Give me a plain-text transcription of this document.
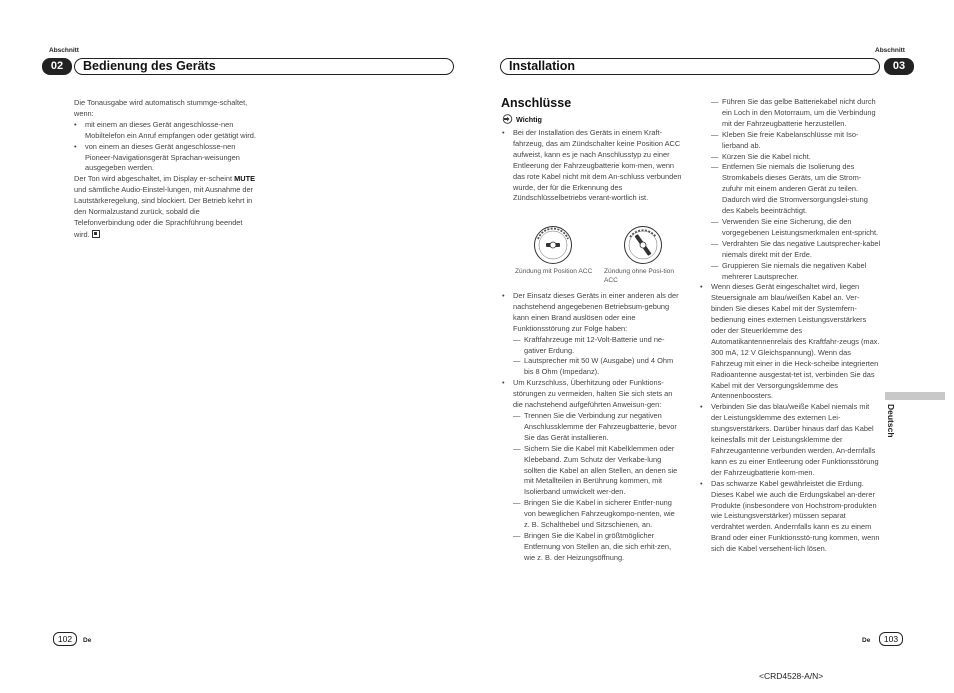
Abschnitt
02	Bedienung des Geräts

Die Tonausgabe wird automatisch stummge-schaltet, wenn:

• mit einem an dieses Gerät angeschlosse-nen Mobiltelefon ein Anruf empfangen oder getätigt wird.
• von einem an dieses Gerät angeschlosse-nen Pioneer-Navigationsgerät Sprachan-weisungen ausgegeben werden.

Der Ton wird abgeschaltet, im Display er-scheint MUTE und sämtliche Audio-Einstel-lungen, mit Ausnahme der Lautstärkeregelung, sind blockiert. Der Betrieb kehrt in den Normalzustand zurück, sobald die Telefonverbindung oder die Sprachführung beendet wird.

102	De
Abschnitt
Installation	03
Anschlüsse
Wichtig
• Bei der Installation des Geräts in einem Kraft-fahrzeug, das am Zündschalter keine Position ACC aufweist, kann es je nach Anschlusstyp zu einer Entleerung der Fahrzeugbatterie kom-men, wenn das rote Kabel nicht mit dem An-schluss verbunden wurde, der für die Erkennung des Zündschlüsselbetriebs verant-wortlich ist.
Zündung mit Position ACC	Zündung ohne Posi-tion ACC
• Der Einsatz dieses Geräts in einer anderen als der nachstehend angegebenen Betriebsum-gebung kann einen Brand auslösen oder eine Funktionsstörung zur Folge haben:
— Kraftfahrzeuge mit 12-Volt-Batterie und ne-gativer Erdung.
— Lautsprecher mit 50 W (Ausgabe) und 4 Ohm bis 8 Ohm (Impedanz).
• Um Kurzschluss, Überhitzung oder Funktions-störungen zu vermeiden, halten Sie sich stets an die nachstehend aufgeführten Anweisun-gen:
— Trennen Sie die Verbindung zur negativen Anschlussklemme der Fahrzeugbatterie, bevor Sie das Gerät installieren.
— Sichern Sie die Kabel mit Kabelklemmen oder Klebeband. Zum Schutz der Verkabe-lung sollten die Kabel an allen Stellen, an denen sie mit Metallteilen in Berührung kommen, mit Isolierband umwickelt wer-den.
— Bringen Sie die Kabel in sicherer Entfer-nung von beweglichen Fahrzeugkompo-nenten, wie z. B. Schalthebel und Sitzschienen, an.
— Bringen Sie die Kabel in größtmöglicher Entfernung von Stellen an, die sich erhit-zen, wie z. B. der Heizungsöffnung.
— Führen Sie das gelbe Batteriekabel nicht durch ein Loch in den Motorraum, um die Verbindung mit der Fahrzeugbatterie herzustellen.
— Kleben Sie freie Kabelanschlüsse mit Iso-lierband ab.
— Kürzen Sie die Kabel nicht.
— Entfernen Sie niemals die Isolierung des Stromkabels dieses Geräts, um die Strom-zufuhr mit einem anderen Gerät zu teilen. Dadurch wird die Stromversorgungslei-stung des Kabels beeinträchtigt.
— Verwenden Sie eine Sicherung, die den vorgegebenen Leistungsmerkmalen ent-spricht.
— Verdrahten Sie das negative Lautsprecher-kabel niemals direkt mit der Erde.
— Gruppieren Sie niemals die negativen Kabel mehrerer Lautsprecher.
• Wenn dieses Gerät eingeschaltet wird, liegen Steuersignale am blau/weißen Kabel an. Ver-binden Sie dieses Kabel mit der Systemfern-bedienung eines externen Leistungsverstärkers oder der Steuerklemme des Automatikantennenrelais des Kraftfahr-zeugs (max. 300 mA, 12 V Gleichspannung). Wenn das Fahrzeug mit einer in die Heck-scheibe integrierten Radioantenne ausgestat-tet ist, verbinden Sie das Kabel mit der Versorgungsklemme des Antennenboosters.
• Verbinden Sie das blau/weiße Kabel niemals mit der Leistungsklemme des externen Lei-stungsverstärkers. Darüber hinaus darf das Kabel keinesfalls mit der Leistungsklemme der Fahrzeugantenne verbunden werden. An-dernfalls kann es zu einer Entleerung oder Funktionsstörung der Fahrzeugbatterie kom-men.
• Das schwarze Kabel gewährleistet die Erdung. Dieses Kabel wie auch die Erdungskabel an-derer Produkte (insbesondere von Hochstrom-produkten wie Leistungsverstärker) müssen separat verdrahtet werden. Andernfalls kann es zu einem Brand oder einer Funktionsstö-rung kommen, wenn sich die Kabel versehent-lich lösen.
Deutsch
De	103
<CRD4528-A/N>
